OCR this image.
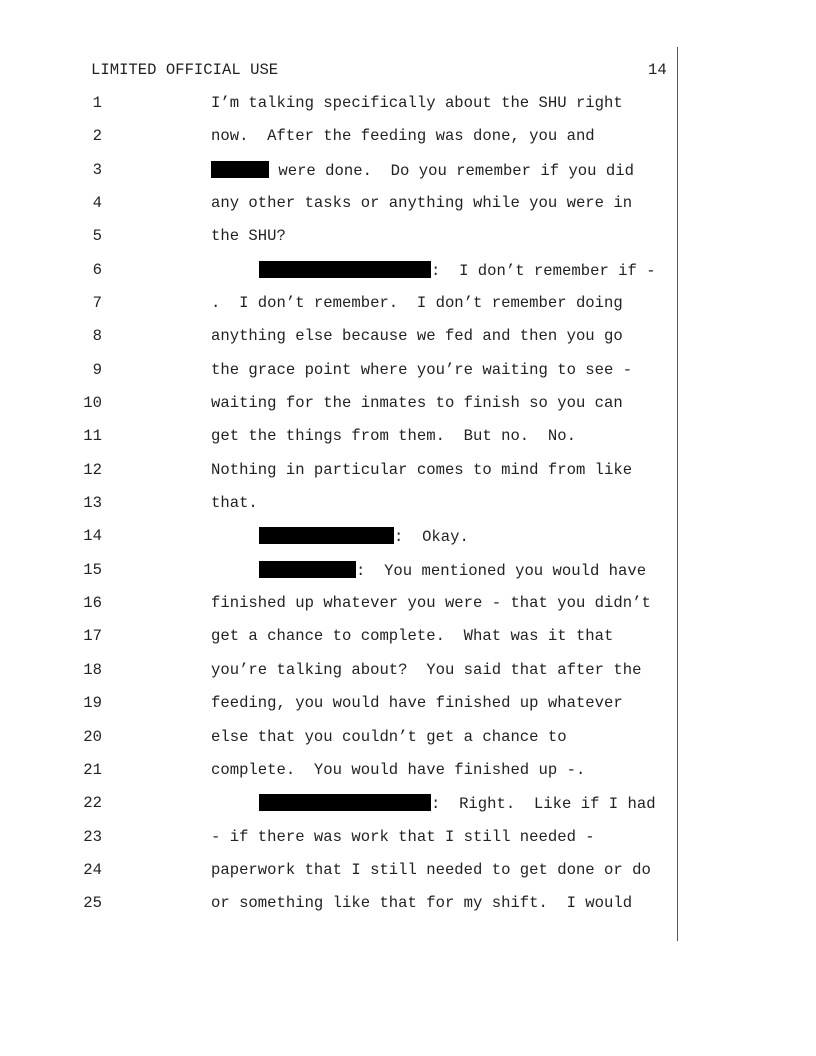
LIMITED OFFICIAL USE	14
1	I’m talking specifically about the SHU right
2	now.  After the feeding was done, you and
3	were done.  Do you remember if you did
4	any other tasks or anything while you were in
5	the SHU?
6	:  I don’t remember if -
7	.  I don’t remember.  I don’t remember doing
8	anything else because we fed and then you go
9	the grace point where you’re waiting to see -
10	waiting for the inmates to finish so you can
11	get the things from them.  But no.  No.
12	Nothing in particular comes to mind from like
13	that.
14	:  Okay.
15	:  You mentioned you would have
16	finished up whatever you were - that you didn’t
17	get a chance to complete.  What was it that
18	you’re talking about?  You said that after the
19	feeding, you would have finished up whatever
20	else that you couldn’t get a chance to
21	complete.  You would have finished up -.
22	:  Right.  Like if I had
23	- if there was work that I still needed -
24	paperwork that I still needed to get done or do
25	or something like that for my shift.  I would
